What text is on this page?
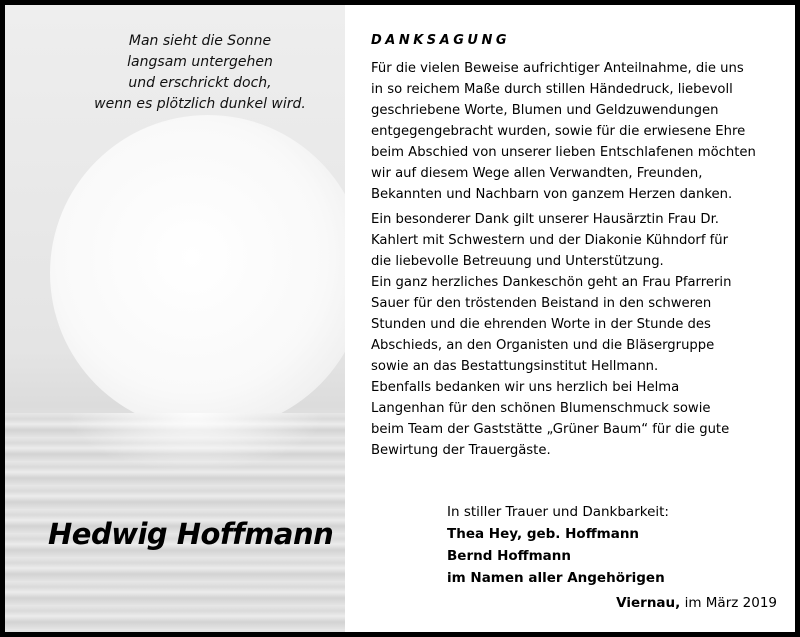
Man sieht die Sonne
langsam untergehen
und erschrickt doch,
wenn es plötzlich dunkel wird.
Hedwig Hoffmann
DANKSAGUNG
Für die vielen Beweise aufrichtiger Anteilnahme, die uns
in so reichem Maße durch stillen Händedruck, liebevoll
geschriebene Worte, Blumen und Geldzuwendungen
entgegengebracht wurden, sowie für die erwiesene Ehre
beim Abschied von unserer lieben Entschlafenen möchten
wir auf diesem Wege allen Verwandten, Freunden,
Bekannten und Nachbarn von ganzem Herzen danken.
Ein besonderer Dank gilt unserer Hausärztin Frau Dr.
Kahlert mit Schwestern und der Diakonie Kühndorf für
die liebevolle Betreuung und Unterstützung.
Ein ganz herzliches Dankeschön geht an Frau Pfarrerin
Sauer für den tröstenden Beistand in den schweren
Stunden und die ehrenden Worte in der Stunde des
Abschieds, an den Organisten und die Bläsergruppe
sowie an das Bestattungsinstitut Hellmann.
Ebenfalls bedanken wir uns herzlich bei Helma
Langenhan für den schönen Blumenschmuck sowie
beim Team der Gaststätte „Grüner Baum“ für die gute
Bewirtung der Trauergäste.
In stiller Trauer und Dankbarkeit:
Thea Hey, geb. Hoffmann
Bernd Hoffmann
im Namen aller Angehörigen
Viernau, im März 2019
